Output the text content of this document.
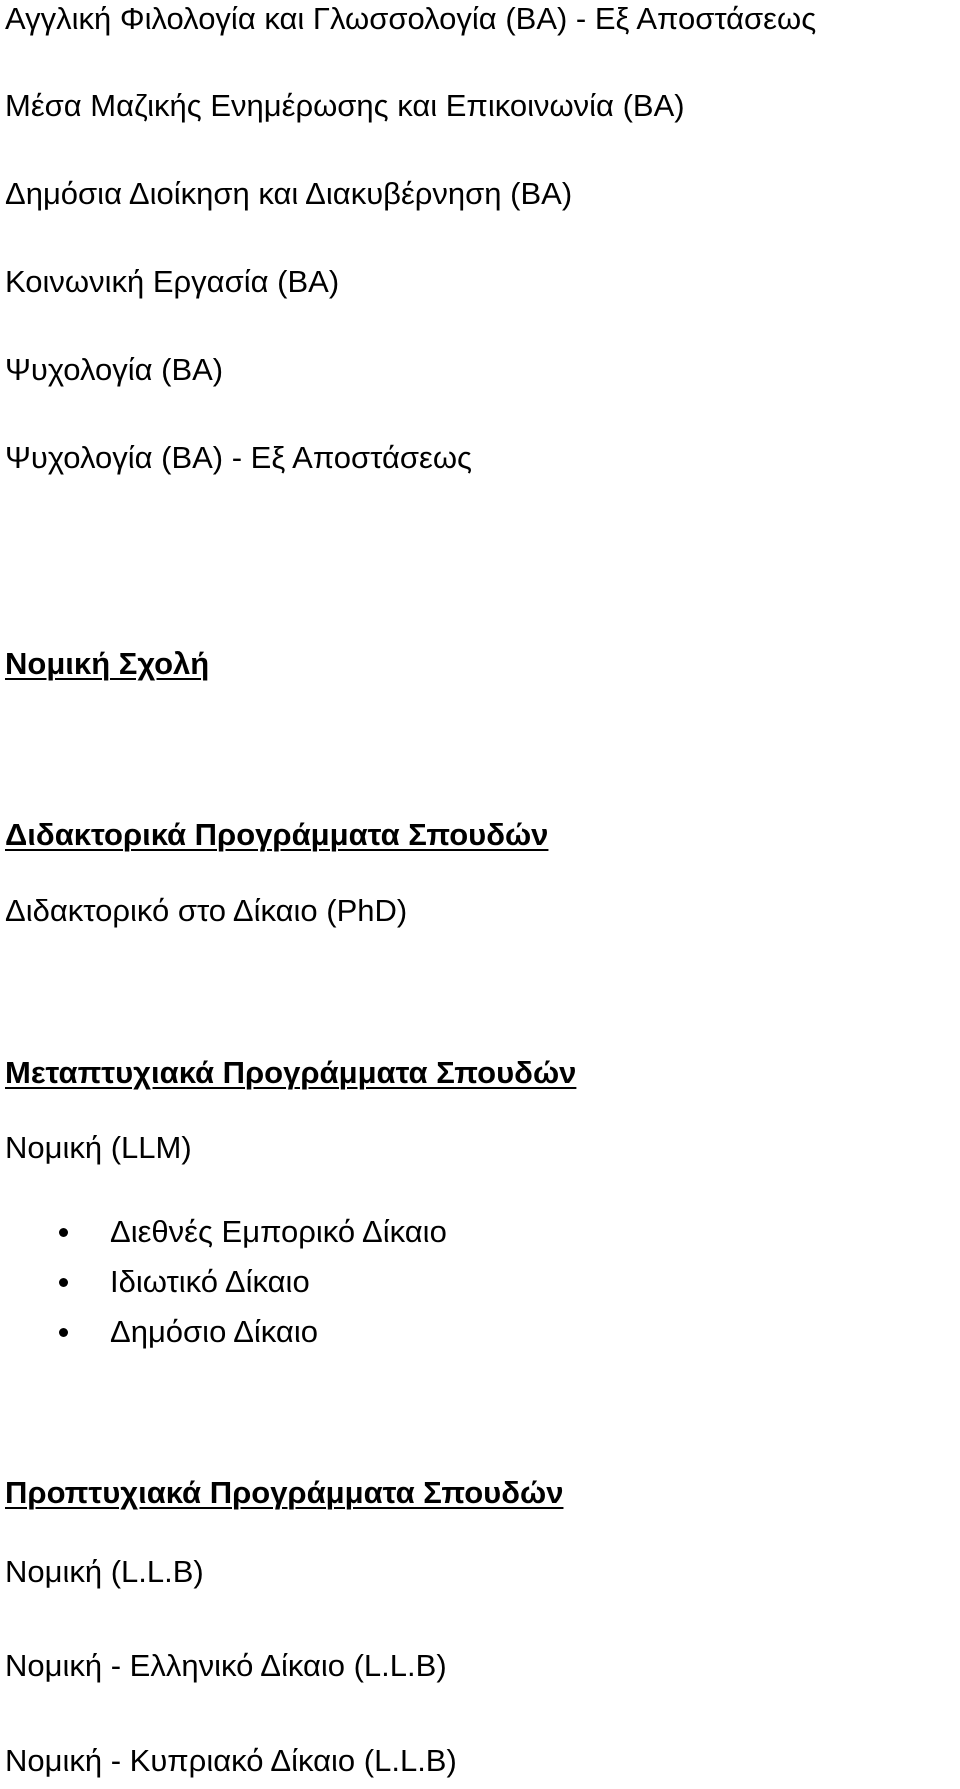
Αγγλική Φιλολογία και Γλωσσολογία (BA) - Εξ Αποστάσεως

Μέσα Μαζικής Ενημέρωσης και Επικοινωνία (BA)

Δημόσια Διοίκηση και Διακυβέρνηση (BA)

Κοινωνική Εργασία (BA)

Ψυχολογία (BA)

Ψυχολογία (BA) - Εξ Αποστάσεως

Νομική Σχολή

Διδακτορικά Προγράμματα Σπουδών

Διδακτορικό στο Δίκαιο (PhD)

Μεταπτυχιακά Προγράμματα Σπουδών

Νομική (LLM)

Διεθνές Εμπορικό Δίκαιο
Ιδιωτικό Δίκαιο
Δημόσιο Δίκαιο

Προπτυχιακά Προγράμματα Σπουδών

Νομική (L.L.B)

Νομική - Ελληνικό Δίκαιο (L.L.B)

Νομική - Κυπριακό Δίκαιο (L.L.B)
